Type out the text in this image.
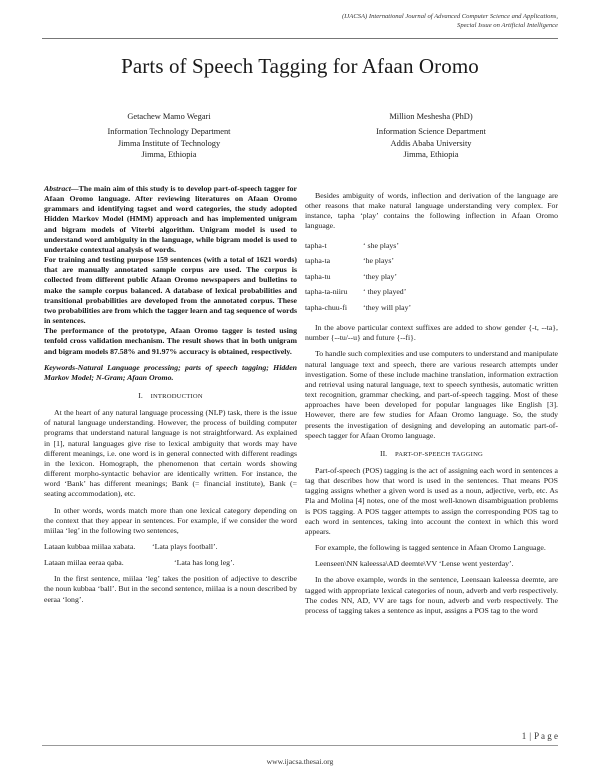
(IJACSA) International Journal of Advanced Computer Science and Applications,
Special Issue on Artificial Intelligence
Parts of Speech Tagging for Afaan Oromo
Getachew Mamo Wegari
Information Technology Department
Jimma Institute of Technology
Jimma, Ethiopia
Million Meshesha (PhD)
Information Science Department
Addis Ababa University
Jimma, Ethiopia

Abstract—The main aim of this study is to develop part-of-speech tagger for Afaan Oromo language. After reviewing literatures on Afaan Oromo grammars and identifying tagset and word categories, the study adopted Hidden Markov Model (HMM) approach and has implemented unigram and bigram models of Viterbi algorithm. Unigram model is used to understand word ambiguity in the language, while bigram model is used to undertake contextual analysis of words.

For training and testing purpose 159 sentences (with a total of 1621 words) that are manually annotated sample corpus are used. The corpus is collected from different public Afaan Oromo newspapers and bulletins to make the sample corpus balanced. A database of lexical probabilities and transitional probabilities are developed from the annotated corpus. These two probabilities are from which the tagger learn and tag sequence of words in sentences.

The performance of the prototype, Afaan Oromo tagger is tested using tenfold cross validation mechanism. The result shows that in both unigram and bigram models 87.58% and 91.97% accuracy is obtained, respectively.

Keywords-Natural Language processing; parts of speech tagging; Hidden Markov Model; N-Gram; Afaan Oromo.
I. INTRODUCTION

At the heart of any natural language processing (NLP) task, there is the issue of natural language understanding. However, the process of building computer programs that understand natural language is not straightforward. As explained in [1], natural languages give rise to lexical ambiguity that words may have different meanings, i.e. one word is in general connected with different readings in the lexicon. Homograph, the phenomenon that certain words showing different morpho-syntactic behavior are identically written. For instance, the word ‘Bank’ has different meanings; Bank (= financial institute), Bank (= seating accommodation), etc.

In other words, words match more than one lexical category depending on the context that they appear in sentences. For example, if we consider the word miilaa ‘leg’ in the following two sentences,

Lataan kubbaa miilaa xabata.	‘Lata plays football’.
Lataan miilaa eeraa qaba.	‘Lata has long leg’.

In the first sentence, miilaa ‘leg’ takes the position of adjective to describe the noun kubbaa ‘ball’. But in the second sentence, miilaa is a noun described by eeraa ‘long’.

Besides ambiguity of words, inflection and derivation of the language are other reasons that make natural language understanding very complex. For instance, tapha ‘play’ contains the following inflection in Afaan Oromo language.

tapha-t	‘ she plays’
tapha-ta	‘he plays’
tapha-tu	‘they play’
tapha-ta-niiru	‘ they played’
tapha-chuu-fi	‘they will play’

In the above particular context suffixes are added to show gender {-t, --ta}, number {--tu/--u} and future {--fi}.

To handle such complexities and use computers to understand and manipulate natural language text and speech, there are various research attempts under investigation. Some of these include machine translation, information extraction and retrieval using natural language, text to speech synthesis, automatic written text recognition, grammar checking, and part-of-speech tagging. Most of these approaches have been developed for popular languages like English [3]. However, there are few studies for Afaan Oromo language. So, the study presents the investigation of designing and developing an automatic part-of-speech tagger for Afaan Oromo language.

II. PART-OF-SPEECH TAGGING

Part-of-speech (POS) tagging is the act of assigning each word in sentences a tag that describes how that word is used in the sentences. That means POS tagging assigns whether a given word is used as a noun, adjective, verb, etc. As Pla and Molina [4] notes, one of the most well-known disambiguation problems is POS tagging. A POS tagger attempts to assign the corresponding POS tag to each word in sentences, taking into account the context in which this word appears.

For example, the following is tagged sentence in Afaan Oromo Language.

Leenseen\NN kaleessa\AD deemte\VV ‘Lense went yesterday’.

In the above example, words in the sentence, Leensaan kaleessa deemte, are tagged with appropriate lexical categories of noun, adverb and verb respectively. The codes NN, AD, VV are tags for noun, adverb and verb respectively. The process of tagging takes a sentence as input, assigns a POS tag to the word

1 | P a g e
www.ijacsa.thesai.org
